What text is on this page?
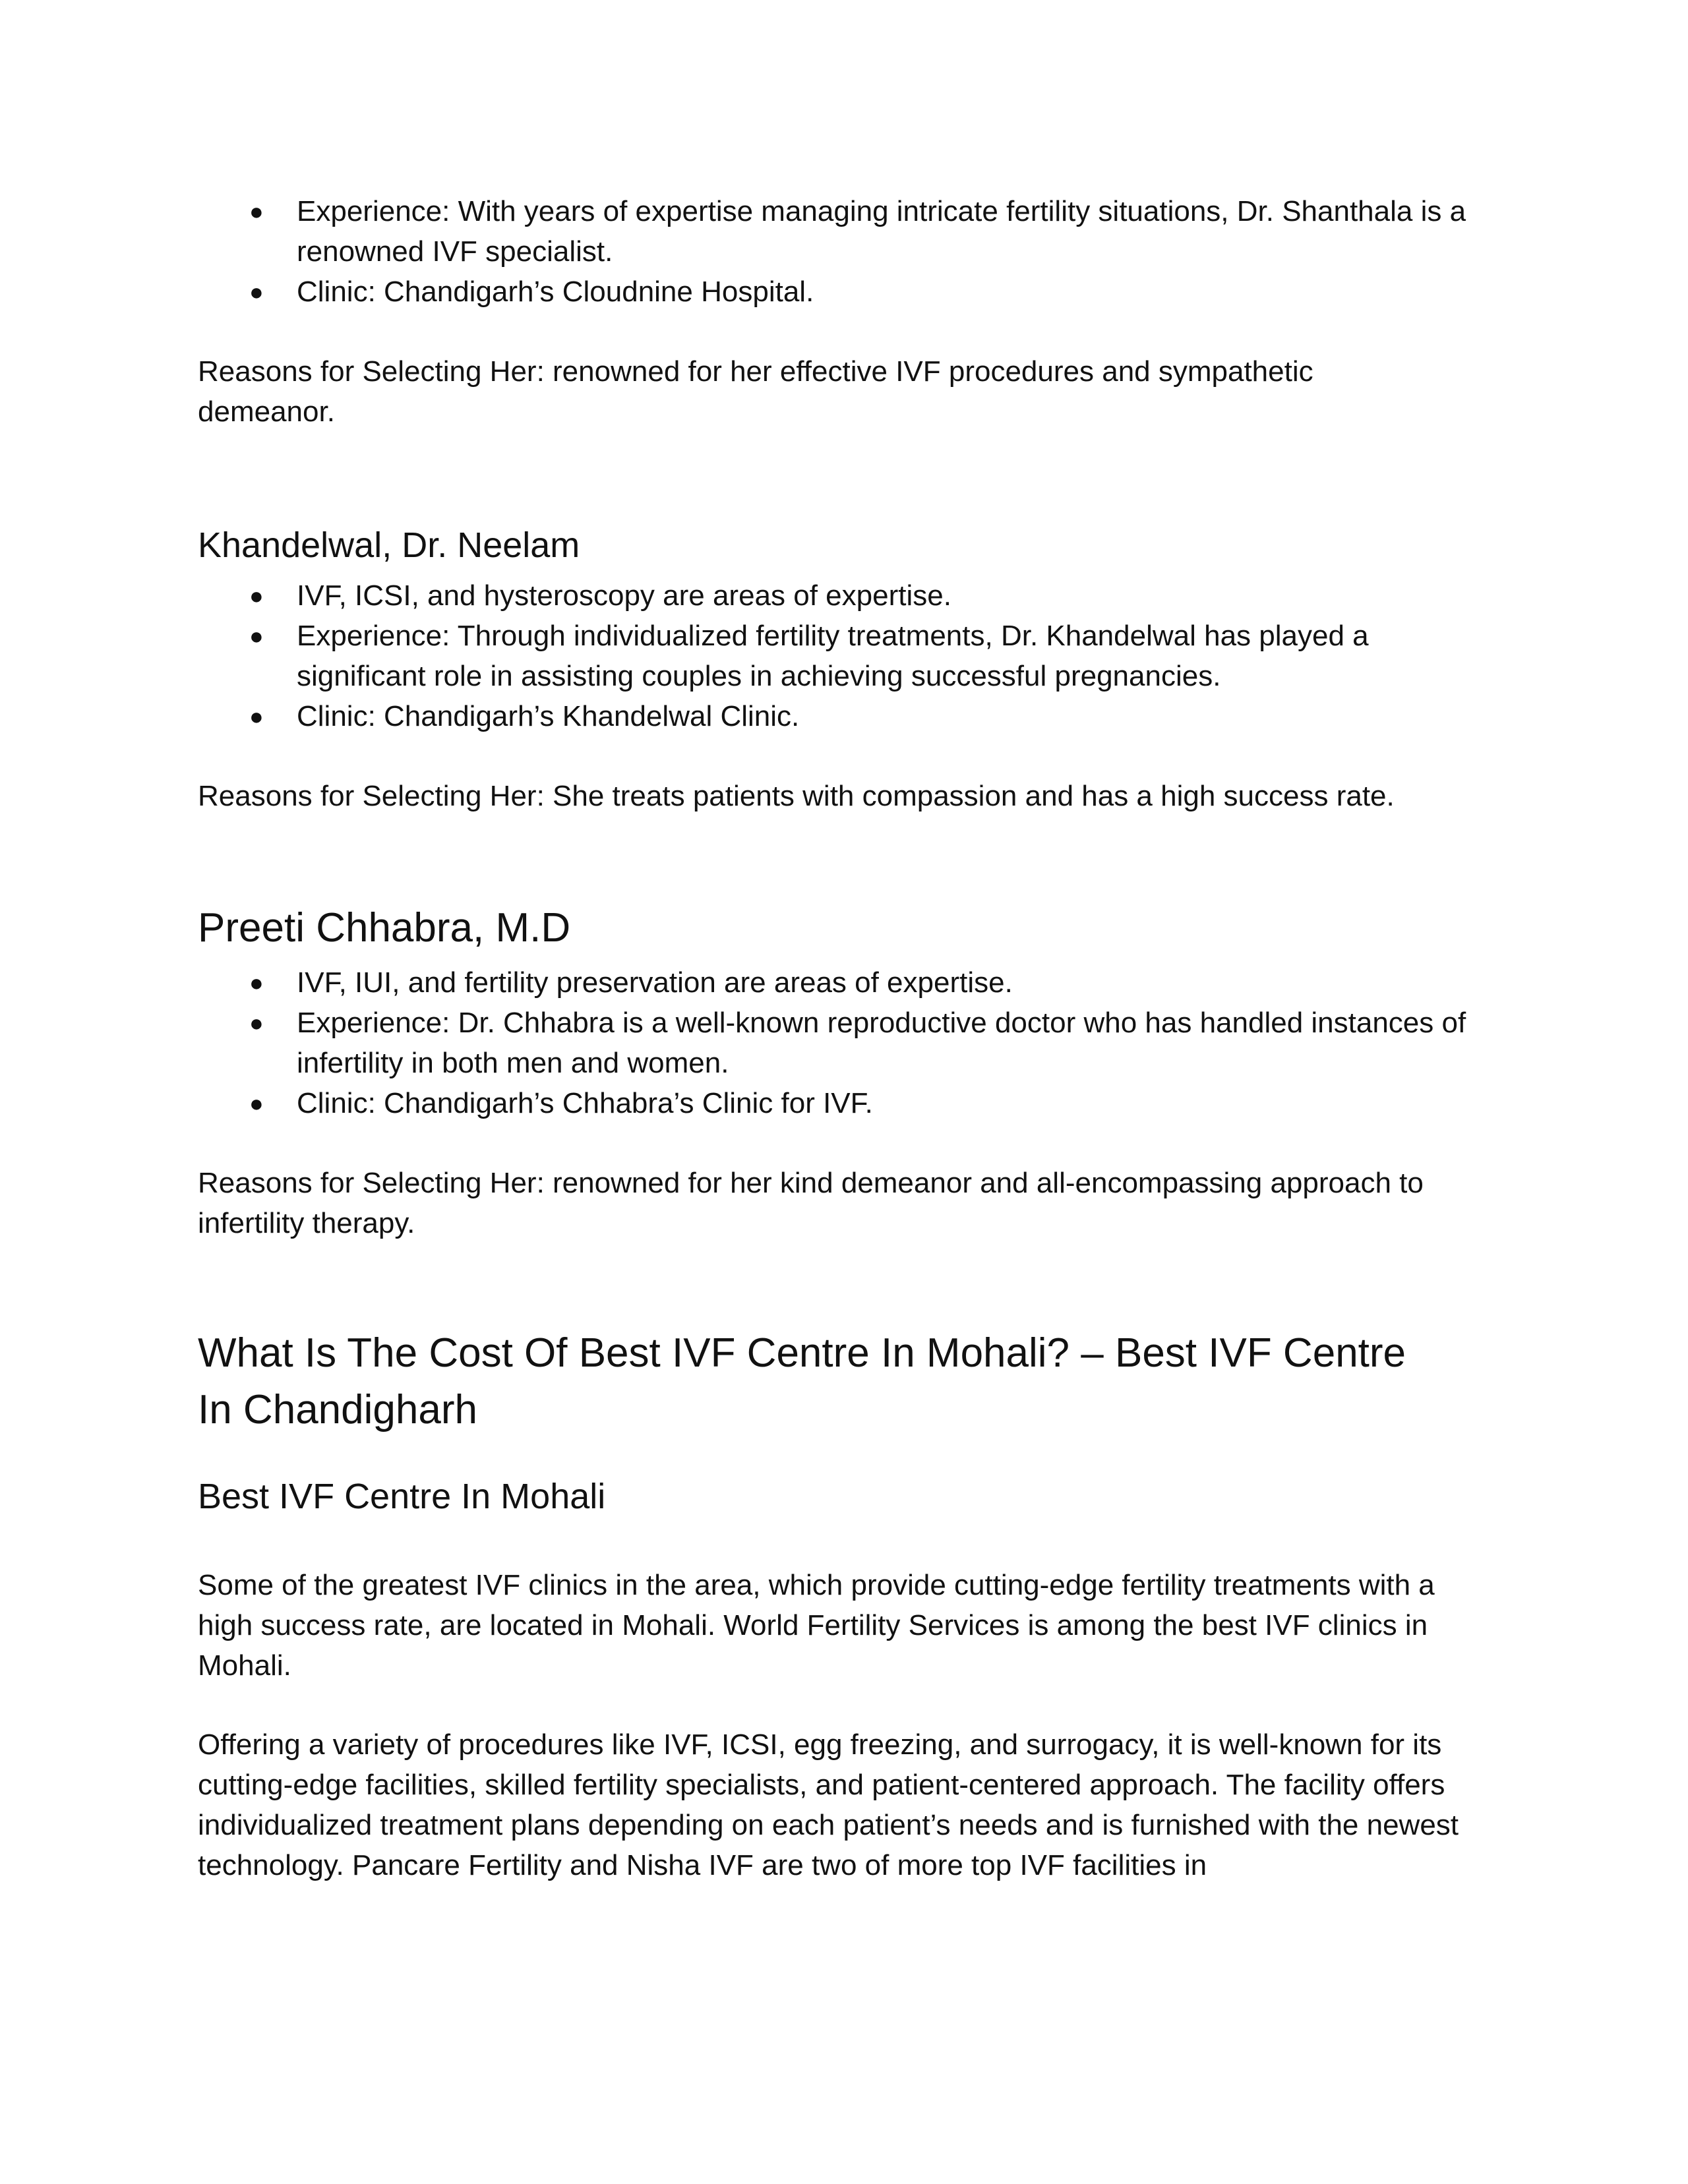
● Experience: With years of expertise managing intricate fertility situations, Dr. Shanthala is a renowned IVF specialist.
● Clinic: Chandigarh’s Cloudnine Hospital.

Reasons for Selecting Her: renowned for her effective IVF procedures and sympathetic demeanor.

Khandelwal, Dr. Neelam
● IVF, ICSI, and hysteroscopy are areas of expertise.
● Experience: Through individualized fertility treatments, Dr. Khandelwal has played a significant role in assisting couples in achieving successful pregnancies.
● Clinic: Chandigarh’s Khandelwal Clinic.

Reasons for Selecting Her: She treats patients with compassion and has a high success rate.

Preeti Chhabra, M.D
● IVF, IUI, and fertility preservation are areas of expertise.
● Experience: Dr. Chhabra is a well-known reproductive doctor who has handled instances of infertility in both men and women.
● Clinic: Chandigarh’s Chhabra’s Clinic for IVF.

Reasons for Selecting Her: renowned for her kind demeanor and all-encompassing approach to infertility therapy.

What Is The Cost Of Best IVF Centre In Mohali? – Best IVF Centre In Chandigharh
Best IVF Centre In Mohali

Some of the greatest IVF clinics in the area, which provide cutting-edge fertility treatments with a high success rate, are located in Mohali. World Fertility Services is among the best IVF clinics in Mohali.

Offering a variety of procedures like IVF, ICSI, egg freezing, and surrogacy, it is well-known for its cutting-edge facilities, skilled fertility specialists, and patient-centered approach. The facility offers individualized treatment plans depending on each patient’s needs and is furnished with the newest technology. Pancare Fertility and Nisha IVF are two of more top IVF facilities in
